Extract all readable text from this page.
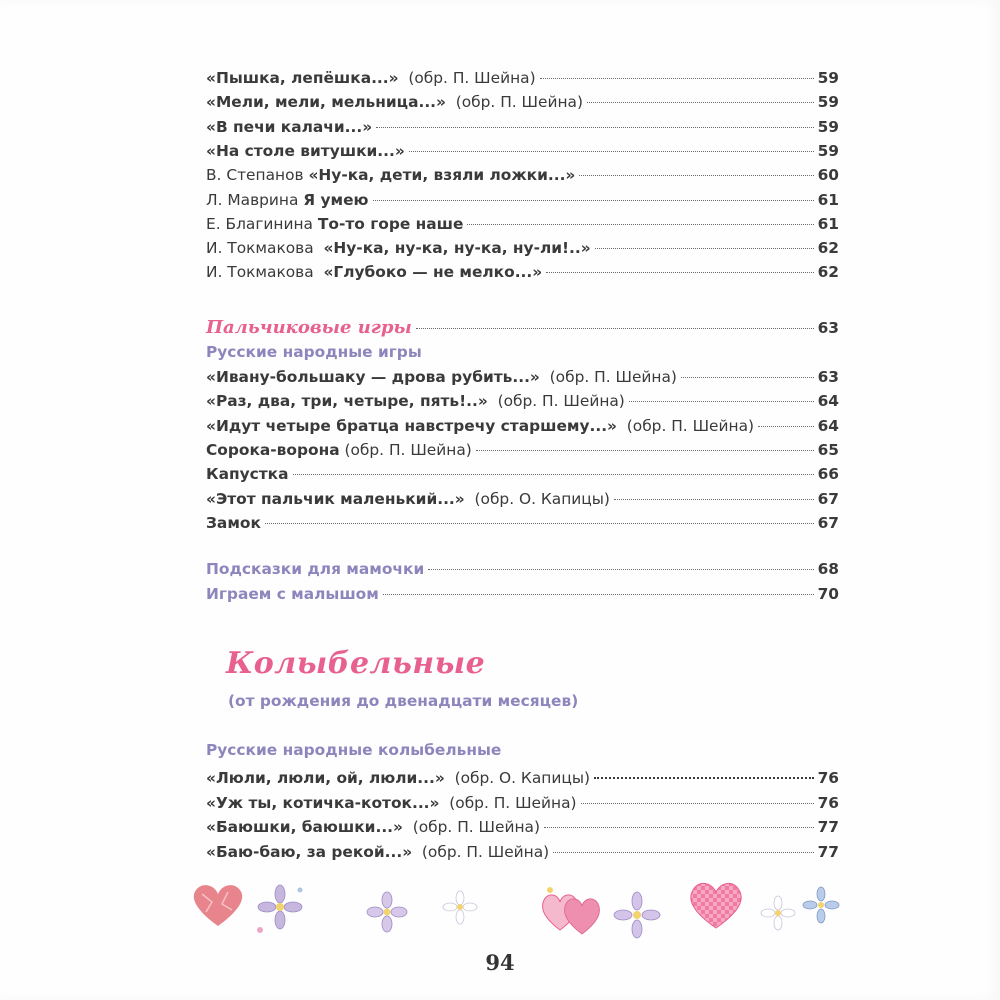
«Пышка, лепёшка...»  (обр. П. Шейна)	59
«Мели, мели, мельница...»  (обр. П. Шейна)	59
«В печи калачи...»	59
«На столе витушки...»	59
В. Степанов «Ну-ка, дети, взяли ложки...»	60
Л. Маврина Я умею	61
Е. Благинина То-то горе наше	61
И. Токмакова  «Ну-ка, ну-ка, ну-ка, ну-ли!..»	62
И. Токмакова  «Глубоко — не мелко...»	62
Пальчиковые игры	63
Русские народные игры
«Ивану-большаку — дрова рубить...»  (обр. П. Шейна)	63
«Раз, два, три, четыре, пять!..»  (обр. П. Шейна)	64
«Идут четыре братца навстречу старшему...»  (обр. П. Шейна)	64
Сорока-ворона (обр. П. Шейна)	65
Капустка	66
«Этот пальчик маленький...»  (обр. О. Капицы)	67
Замок	67
Подсказки для мамочки	68
Играем с малышом	70
Колыбельные
(от рождения до двенадцати месяцев)
Русские народные колыбельные
«Люли, люли, ой, люли...»  (обр. О. Капицы)	76
«Уж ты, котичка-коток...»  (обр. П. Шейна)	76
«Баюшки, баюшки...»  (обр. П. Шейна)	77
«Баю-баю, за рекой...»  (обр. П. Шейна)	77
94
